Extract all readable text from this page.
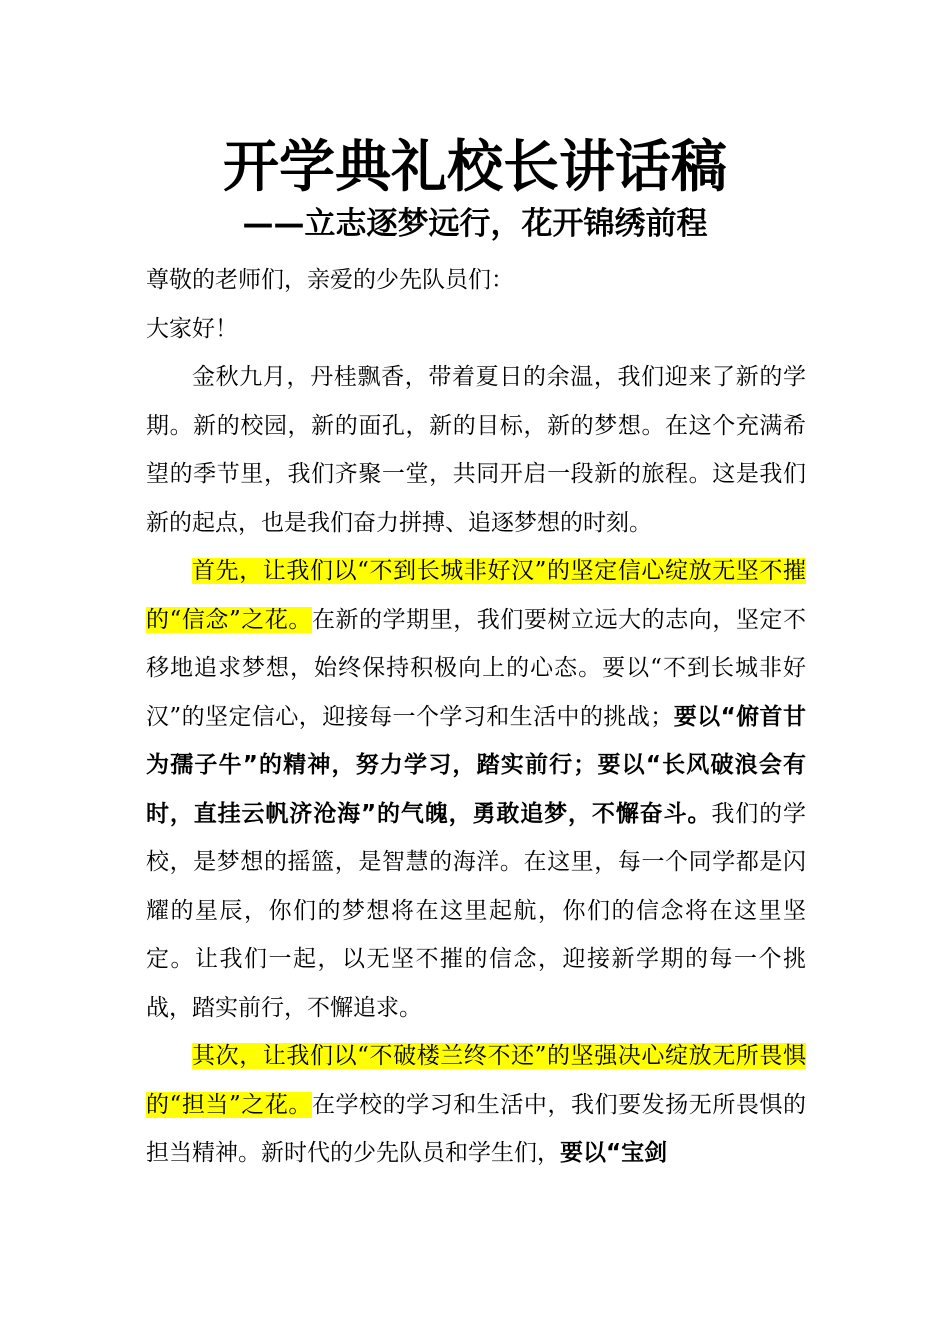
开学典礼校长讲话稿
——立志逐梦远行，花开锦绣前程

尊敬的老师们，亲爱的少先队员们：

大家好！

金秋九月，丹桂飘香，带着夏日的余温，我们迎来了新的学期。新的校园，新的面孔，新的目标，新的梦想。在这个充满希望的季节里，我们齐聚一堂，共同开启一段新的旅程。这是我们新的起点，也是我们奋力拼搏、追逐梦想的时刻。

首先，让我们以“不到长城非好汉”的坚定信心绽放无坚不摧的“信念”之花。在新的学期里，我们要树立远大的志向，坚定不移地追求梦想，始终保持积极向上的心态。要以“不到长城非好汉”的坚定信心，迎接每一个学习和生活中的挑战；要以“俯首甘为孺子牛”的精神，努力学习，踏实前行；要以“长风破浪会有时，直挂云帆济沧海”的气魄，勇敢追梦，不懈奋斗。我们的学校，是梦想的摇篮，是智慧的海洋。在这里，每一个同学都是闪耀的星辰，你们的梦想将在这里起航，你们的信念将在这里坚定。让我们一起，以无坚不摧的信念，迎接新学期的每一个挑战，踏实前行，不懈追求。

其次，让我们以“不破楼兰终不还”的坚强决心绽放无所畏惧的“担当”之花。在学校的学习和生活中，我们要发扬无所畏惧的担当精神。新时代的少先队员和学生们，要以“宝剑
